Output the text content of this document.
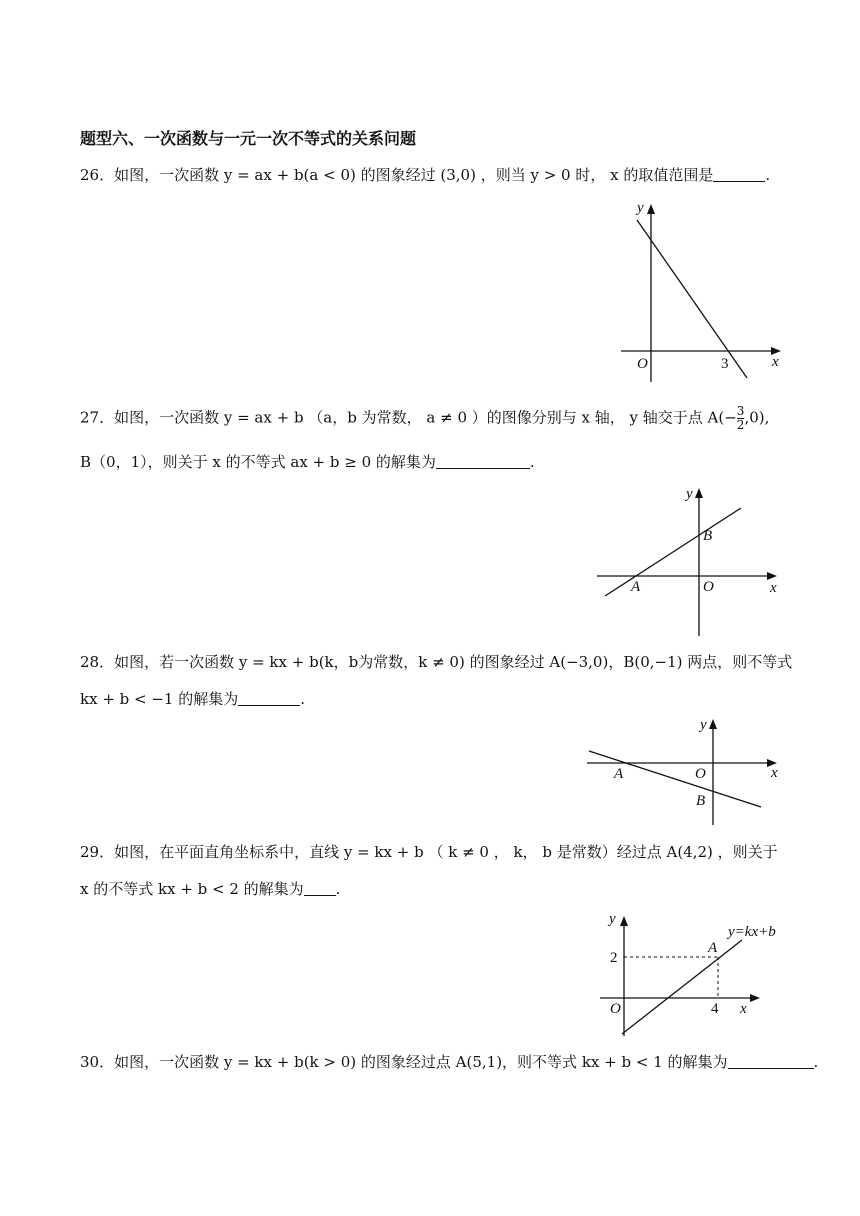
题型六、一次函数与一元一次不等式的关系问题
26．如图，一次函数 y = ax + b(a < 0) 的图象经过 (3,0) ，则当 y > 0 时， x 的取值范围是	.
O	x
y
3
27．如图，一次函数 y = ax + b （a，b 为常数， a ≠ 0 ）的图像分别与 x 轴， y 轴交于点 $A(- \frac{3}{2} ,0)$,
B（0，1），则关于 x 的不等式 ax + b ≥ 0 的解集为	.
A
B
O	x
y
28．如图，若一次函数 y = kx + b(k，b为常数，k ≠ 0) 的图象经过 A(−3,0)，B(0,−1) 两点，则不等式
kx + b < −1 的解集为	.
A	O
B
x
y
29．如图，在平面直角坐标系中，直线 y = kx + b （ k ≠ 0 ， k， b 是常数）经过点 A(4,2) ，则关于
x 的不等式 kx + b < 2 的解集为 .
y
2
O	4 x
A
y=kx+b
30．如图，一次函数 y = kx + b(k > 0) 的图象经过点 A(5,1)，则不等式 kx + b < 1 的解集为	.
